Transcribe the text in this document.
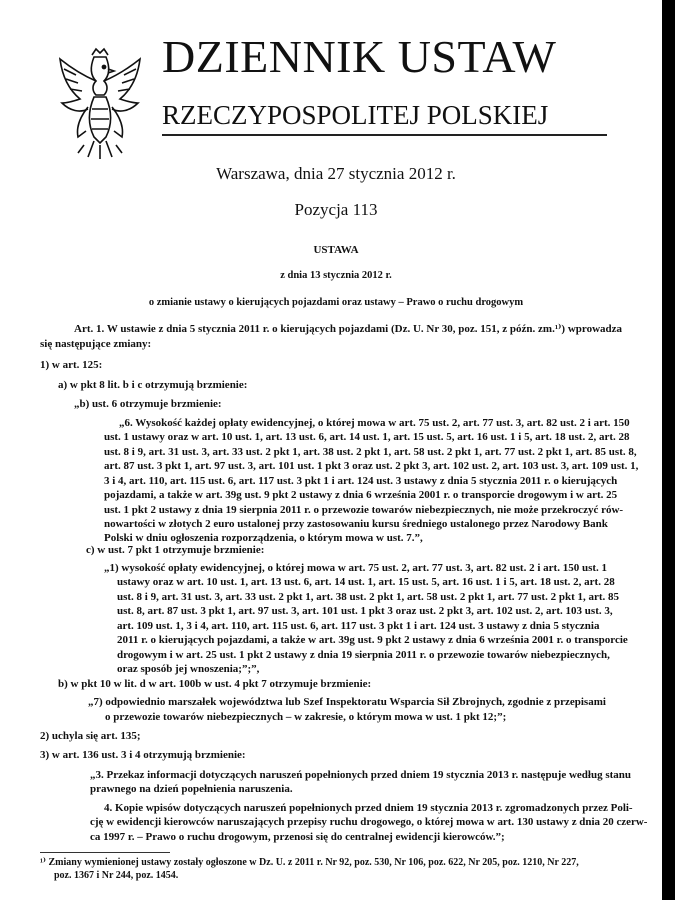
DZIENNIK USTAW
RZECZYPOSPOLITEJ POLSKIEJ
Warszawa, dnia 27 stycznia 2012 r.
Pozycja 113
USTAWA
z dnia 13 stycznia 2012 r.
o zmianie ustawy o kierujących pojazdami oraz ustawy – Prawo o ruchu drogowym
Art. 1. W ustawie z dnia 5 stycznia 2011 r. o kierujących pojazdami (Dz. U. Nr 30, poz. 151, z późn. zm.¹⁾) wprowadza
się następujące zmiany:
1) w art. 125:
a) w pkt 8 lit. b i c otrzymują brzmienie:
„b) ust. 6 otrzymuje brzmienie:
„6. Wysokość każdej opłaty ewidencyjnej, o której mowa w art. 75 ust. 2, art. 77 ust. 3, art. 82 ust. 2 i art. 150
ust. 1 ustawy oraz w art. 10 ust. 1, art. 13 ust. 6, art. 14 ust. 1, art. 15 ust. 5, art. 16 ust. 1 i 5, art. 18 ust. 2, art. 28
ust. 8 i 9, art. 31 ust. 3, art. 33 ust. 2 pkt 1, art. 38 ust. 2 pkt 1, art. 58 ust. 2 pkt 1, art. 77 ust. 2 pkt 1, art. 85 ust. 8,
art. 87 ust. 3 pkt 1, art. 97 ust. 3, art. 101 ust. 1 pkt 3 oraz ust. 2 pkt 3, art. 102 ust. 2, art. 103 ust. 3, art. 109 ust. 1,
3 i 4, art. 110, art. 115 ust. 6, art. 117 ust. 3 pkt 1 i art. 124 ust. 3 ustawy z dnia 5 stycznia 2011 r. o kierujących
pojazdami, a także w art. 39g ust. 9 pkt 2 ustawy z dnia 6 września 2001 r. o transporcie drogowym i w art. 25
ust. 1 pkt 2 ustawy z dnia 19 sierpnia 2011 r. o przewozie towarów niebezpiecznych, nie może przekroczyć rów-
nowartości w złotych 2 euro ustalonej przy zastosowaniu kursu średniego ustalonego przez Narodowy Bank
Polski w dniu ogłoszenia rozporządzenia, o którym mowa w ust. 7.”,
c) w ust. 7 pkt 1 otrzymuje brzmienie:
„1) wysokość opłaty ewidencyjnej, o której mowa w art. 75 ust. 2, art. 77 ust. 3, art. 82 ust. 2 i art. 150 ust. 1
ustawy oraz w art. 10 ust. 1, art. 13 ust. 6, art. 14 ust. 1, art. 15 ust. 5, art. 16 ust. 1 i 5, art. 18 ust. 2, art. 28
ust. 8 i 9, art. 31 ust. 3, art. 33 ust. 2 pkt 1, art. 38 ust. 2 pkt 1, art. 58 ust. 2 pkt 1, art. 77 ust. 2 pkt 1, art. 85
ust. 8, art. 87 ust. 3 pkt 1, art. 97 ust. 3, art. 101 ust. 1 pkt 3 oraz ust. 2 pkt 3, art. 102 ust. 2, art. 103 ust. 3,
art. 109 ust. 1, 3 i 4, art. 110, art. 115 ust. 6, art. 117 ust. 3 pkt 1 i art. 124 ust. 3 ustawy z dnia 5 stycznia
2011 r. o kierujących pojazdami, a także w art. 39g ust. 9 pkt 2 ustawy z dnia 6 września 2001 r. o transporcie
drogowym i w art. 25 ust. 1 pkt 2 ustawy z dnia 19 sierpnia 2011 r. o przewozie towarów niebezpiecznych,
oraz sposób jej wnoszenia;”;”,
b) w pkt 10 w lit. d w art. 100b w ust. 4 pkt 7 otrzymuje brzmienie:
„7) odpowiednio marszałek województwa lub Szef Inspektoratu Wsparcia Sił Zbrojnych, zgodnie z przepisami
o przewozie towarów niebezpiecznych – w zakresie, o którym mowa w ust. 1 pkt 12;”;
2) uchyla się art. 135;
3) w art. 136 ust. 3 i 4 otrzymują brzmienie:
„3. Przekaz informacji dotyczących naruszeń popełnionych przed dniem 19 stycznia 2013 r. następuje według stanu
prawnego na dzień popełnienia naruszenia.
4. Kopie wpisów dotyczących naruszeń popełnionych przed dniem 19 stycznia 2013 r. zgromadzonych przez Poli-
cję w ewidencji kierowców naruszających przepisy ruchu drogowego, o której mowa w art. 130 ustawy z dnia 20 czerw-
ca 1997 r. – Prawo o ruchu drogowym, przenosi się do centralnej ewidencji kierowców.”;
¹⁾ Zmiany wymienionej ustawy zostały ogłoszone w Dz. U. z 2011 r. Nr 92, poz. 530, Nr 106, poz. 622, Nr 205, poz. 1210, Nr 227,
poz. 1367 i Nr 244, poz. 1454.
